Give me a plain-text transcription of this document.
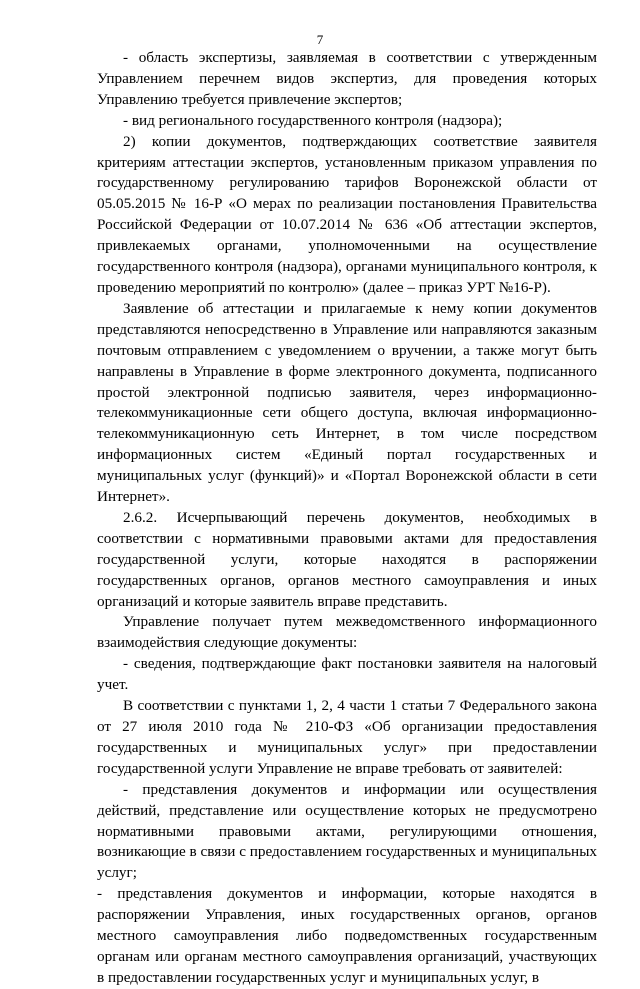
7

- область экспертизы, заявляемая в соответствии с утвержденным Управлением перечнем видов экспертиз, для проведения которых Управлению требуется привлечение экспертов;

- вид регионального государственного контроля (надзора);

2) копии документов, подтверждающих соответствие заявителя критериям аттестации экспертов, установленным приказом управления по государственному регулированию тарифов Воронежской области от 05.05.2015 № 16-Р «О мерах по реализации постановления Правительства Российской Федерации от 10.07.2014 № 636 «Об аттестации экспертов, привлекаемых органами, уполномоченными на осуществление государственного контроля (надзора), органами муниципального контроля, к проведению мероприятий по контролю» (далее – приказ УРТ №16-Р).

Заявление об аттестации и прилагаемые к нему копии документов представляются непосредственно в Управление или направляются заказным почтовым отправлением с уведомлением о вручении, а также могут быть направлены в Управление в форме электронного документа, подписанного простой электронной подписью заявителя, через информационно-телекоммуникационные сети общего доступа, включая информационно-телекоммуникационную сеть Интернет, в том числе посредством информационных систем «Единый портал государственных и муниципальных услуг (функций)» и «Портал Воронежской области в сети Интернет».

2.6.2. Исчерпывающий перечень документов, необходимых в соответствии с нормативными правовыми актами для предоставления государственной услуги, которые находятся в распоряжении государственных органов, органов местного самоуправления и иных организаций и которые заявитель вправе представить.

Управление получает путем межведомственного информационного взаимодействия следующие документы:

- сведения, подтверждающие факт постановки заявителя на налоговый учет.

В соответствии с пунктами 1, 2, 4 части 1 статьи 7 Федерального закона от 27 июля 2010 года № 210-ФЗ «Об организации предоставления государственных и муниципальных услуг» при предоставлении государственной услуги Управление не вправе требовать от заявителей:

- представления документов и информации или осуществления действий, представление или осуществление которых не предусмотрено нормативными правовыми актами, регулирующими отношения, возникающие в связи с предоставлением государственных и муниципальных услуг;

- представления документов и информации, которые находятся в распоряжении Управления, иных государственных органов, органов местного самоуправления либо подведомственных государственным органам или органам местного самоуправления организаций, участвующих в предоставлении государственных услуг и муниципальных услуг, в
